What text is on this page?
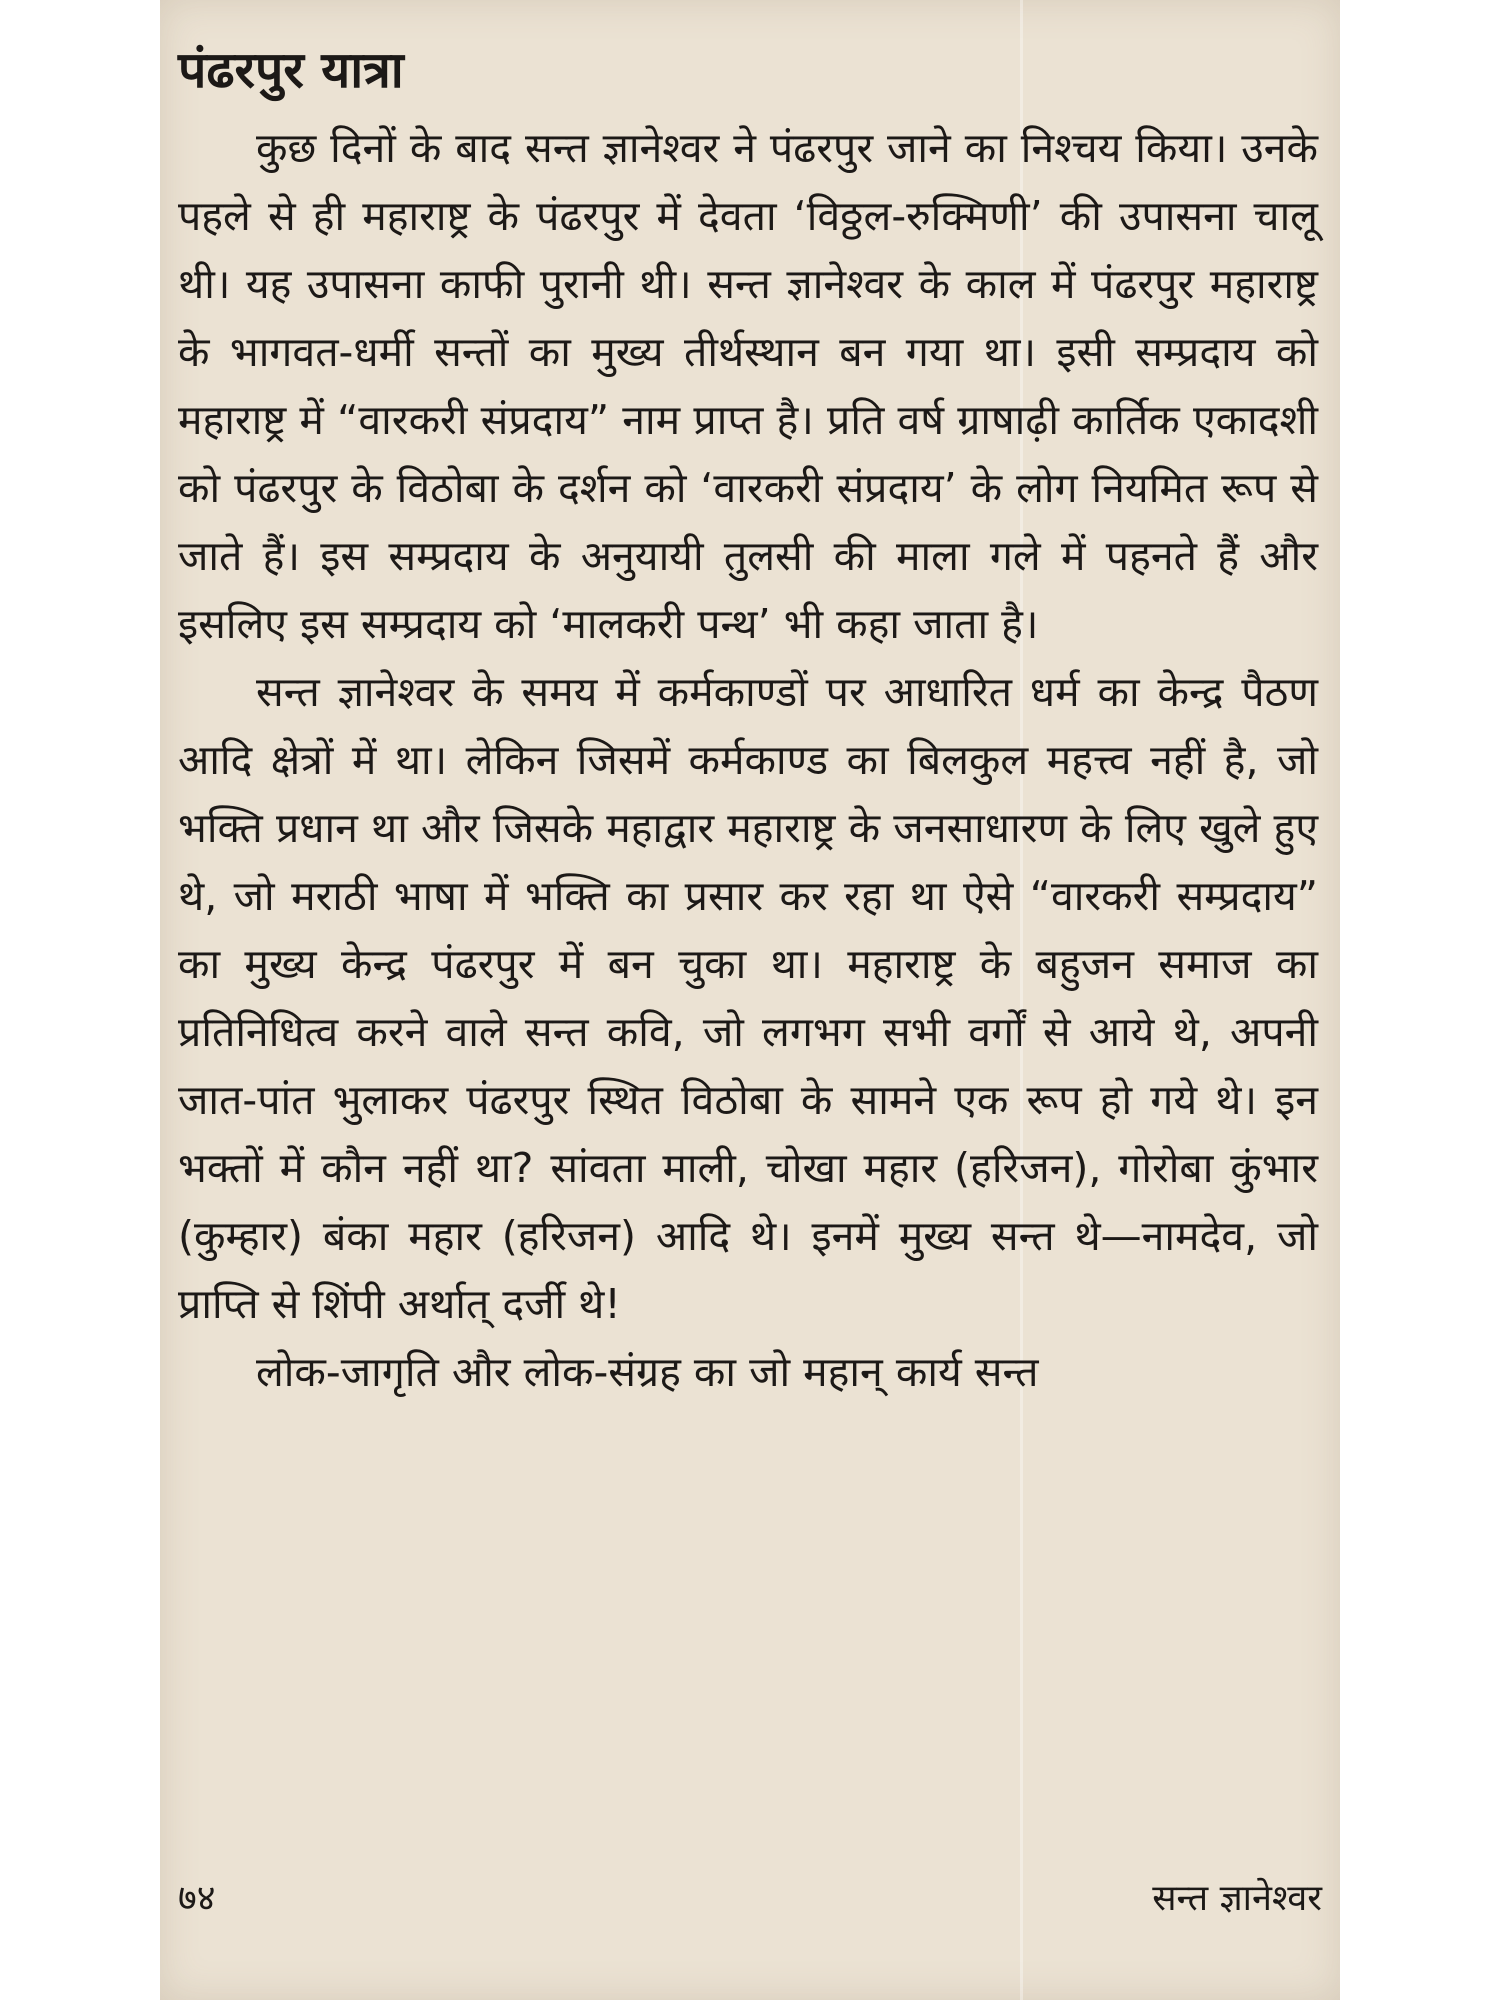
पंढरपुर यात्रा

कुछ दिनों के बाद सन्त ज्ञानेश्वर ने पंढरपुर जाने का निश्चय किया। उनके पहले से ही महाराष्ट्र के पंढरपुर में देवता ‘विठ्ठल-रुक्मिणी’ की उपासना चालू थी। यह उपासना काफी पुरानी थी। सन्त ज्ञानेश्वर के काल में पंढरपुर महाराष्ट्र के भागवत-धर्मी सन्तों का मुख्य तीर्थस्थान बन गया था। इसी सम्प्रदाय को महाराष्ट्र में “वारकरी संप्रदाय” नाम प्राप्त है। प्रति वर्ष ग्राषाढ़ी कार्तिक एकादशी को पंढरपुर के विठोबा के दर्शन को ‘वारकरी संप्रदाय’ के लोग नियमित रूप से जाते हैं। इस सम्प्रदाय के अनुयायी तुलसी की माला गले में पहनते हैं और इसलिए इस सम्प्रदाय को ‘मालकरी पन्थ’ भी कहा जाता है।

सन्त ज्ञानेश्वर के समय में कर्मकाण्डों पर आधारित धर्म का केन्द्र पैठण आदि क्षेत्रों में था। लेकिन जिसमें कर्मकाण्ड का बिलकुल महत्त्व नहीं है, जो भक्ति प्रधान था और जिसके महाद्वार महाराष्ट्र के जनसाधारण के लिए खुले हुए थे, जो मराठी भाषा में भक्ति का प्रसार कर रहा था ऐसे “वारकरी सम्प्रदाय” का मुख्य केन्द्र पंढरपुर में बन चुका था। महाराष्ट्र के बहुजन समाज का प्रतिनिधित्व करने वाले सन्त कवि, जो लगभग सभी वर्गों से आये थे, अपनी जात-पांत भुलाकर पंढरपुर स्थित विठोबा के सामने एक रूप हो गये थे। इन भक्तों में कौन नहीं था? सांवता माली, चोखा महार (हरिजन), गोरोबा कुंभार (कुम्हार) बंका महार (हरिजन) आदि थे। इनमें मुख्य सन्त थे—नामदेव, जो प्राप्ति से शिंपी अर्थात् दर्जी थे!

लोक-जागृति और लोक-संग्रह का जो महान् कार्य सन्त

७४	सन्त ज्ञानेश्वर
